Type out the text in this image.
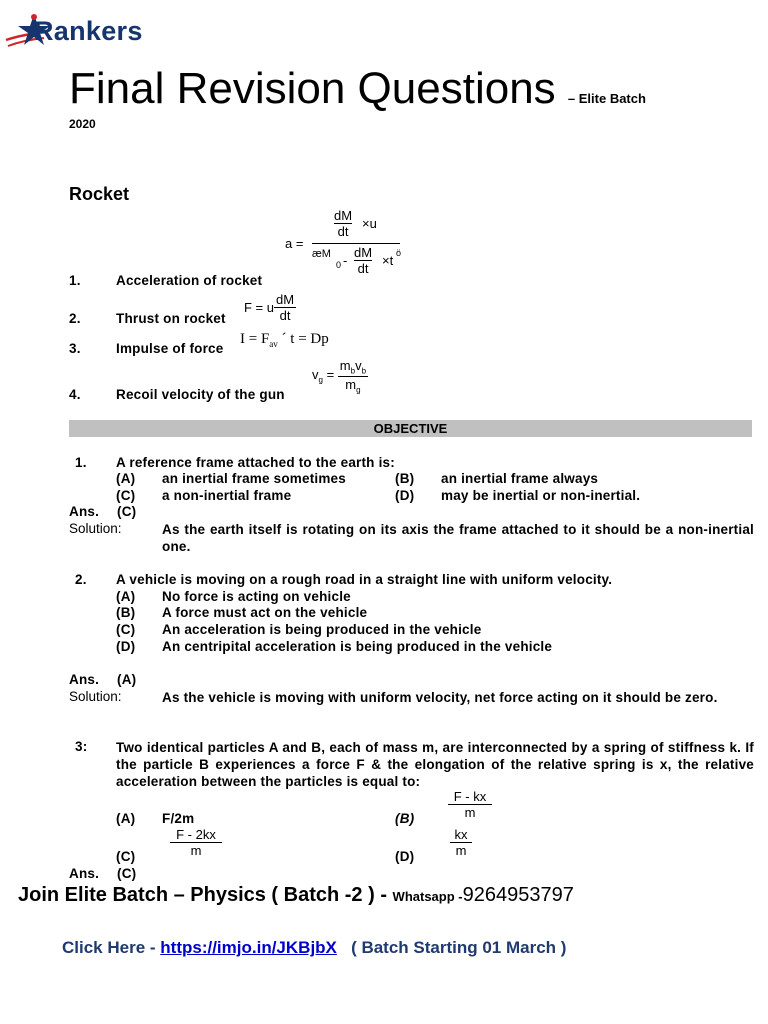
Rankers
Final Revision Questions – Elite Batch
2020
Rocket
a =
dM
dt
×u
æM
0 -
dM
dt
×t ö
F = u $\frac{dM}{dt}$
$I = F_{av}$ ´ t = Dp
$v_g = \frac{m_bv_b}{m_g}$
1.	Acceleration of rocket
2.	Thrust on rocket
3.	Impulse of force
4.	Recoil velocity of the gun
OBJECTIVE
1. A reference frame attached to the earth is:
(A) an inertial frame sometimes	(B) an inertial frame always
(C) a non-inertial frame	(D) may be inertial or non-inertial.
Ans. (C)
Solution:	As the earth itself is rotating on its axis the frame attached to it should be a non-inertial one.
2. A vehicle is moving on a rough road in a straight line with uniform velocity.
(A) No force is acting on vehicle
(B) A force must act on the vehicle
(C) An acceleration is being produced in the vehicle
(D) An centripital acceleration is being produced in the vehicle
Ans. (A)
Solution:	As the vehicle is moving with uniform velocity, net force acting on it should be zero.
3: Two identical particles A and B, each of mass m, are interconnected by a spring of stiffness k. If the particle B experiences a force F & the elongation of the relative spring is x, the relative acceleration between the particles is equal to:
(A) F/2m	(B)
F - kx
m
(C)
F - 2kx
m	(D)
kx
m
Ans. (C)
Join Elite Batch – Physics ( Batch -2 ) - Whatsapp -9264953797
Click Here - https://imjo.in/JKBjbX ( Batch Starting 01 March )
